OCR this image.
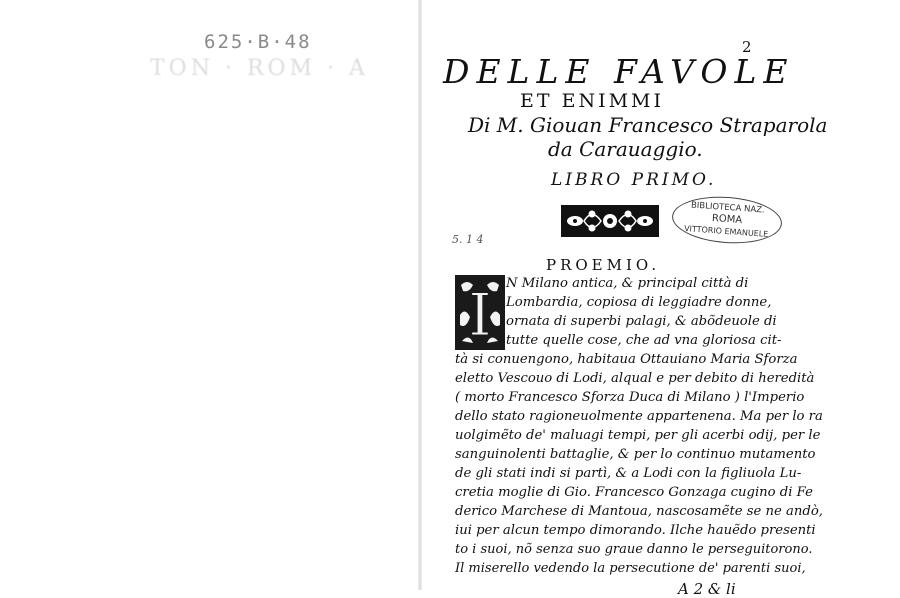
625·B·48
TON · ROM · A
2
DELLE FAVOLE
ET ENIMMI
Di M. Giouan Francesco Straparola
da Carauaggio.
LIBRO PRIMO.
BIBLIOTECA NAZ.
ROMA
VITTORIO EMANUELE
5. 1 4
PROEMIO.
I N Milano antica, & principal città di
Lombardia, copiosa di leggiadre donne,
ornata di superbi palagi, & abõdeuole di
tutte quelle cose, che ad vna gloriosa cit-
tà si conuengono, habitaua Ottauiano Maria Sforza
eletto Vescouo di Lodi, alqual e per debito di heredità
( morto Francesco Sforza Duca di Milano ) l'Imperio
dello stato ragioneuolmente appartenena. Ma per lo ra
uolgimẽto de' maluagi tempi, per gli acerbi odij, per le
sanguinolenti battaglie, & per lo continuo mutamento
de gli stati indi si partì, & a Lodi con la figliuola Lu-
cretia moglie di Gio. Francesco Gonzaga cugino di Fe
derico Marchese di Mantoua, nascosamẽte se ne andò,
iui per alcun tempo dimorando. Ilche hauẽdo presenti
to i suoi, nõ senza suo graue danno le perseguitorono.
A 2 & li
Il miserello vedendo la persecutione de' parenti suoi,
